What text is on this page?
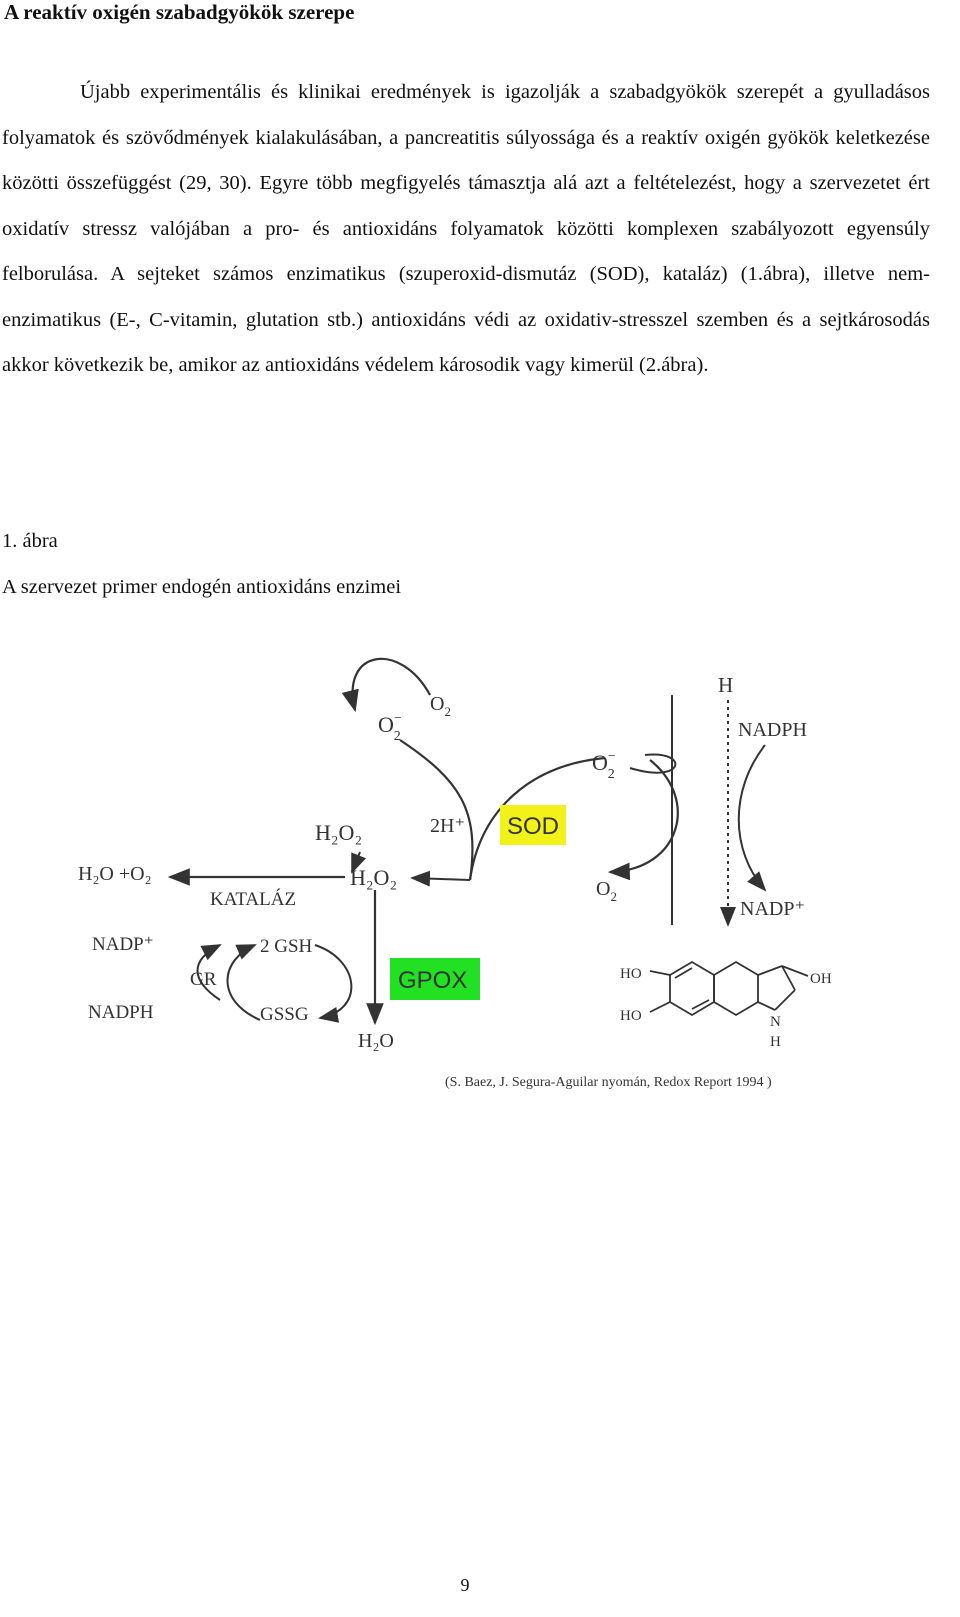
A reaktív oxigén szabadgyökök szerepe

Újabb experimentális és klinikai eredmények is igazolják a szabadgyökök szerepét a gyulladásos folyamatok és szövődmények kialakulásában, a pancreatitis súlyossága és a reaktív oxigén gyökök keletkezése közötti összefüggést (29, 30). Egyre több megfigyelés támasztja alá azt a feltételezést, hogy a szervezetet ért oxidatív stressz valójában a pro- és antioxidáns folyamatok közötti komplexen szabályozott egyensúly felborulása. A sejteket számos enzimatikus (szuperoxid-dismutáz (SOD), kataláz) (1.ábra), illetve nem-enzimatikus (E-, C-vitamin, glutation stb.) antioxidáns védi az oxidativ-stresszel szemben és a sejtkárosodás akkor következik be, amikor az antioxidáns védelem károsodik vagy kimerül (2.ábra).

1. ábra
A szervezet primer endogén antioxidáns enzimei
$O_2$
O− 2
O− 2
$O_2$
SOD
2H⁺
H₂O₂
H₂O₂
H₂O +O₂
KATALÁZ
NADP⁺
NADPH
GR
2 GSH
GSSG
GPOX
H₂O
H
NADPH
NADP⁺
HO
HO
OH
N
H
(S. Baez, J. Segura-Aguilar nyomán, Redox Report 1994 )
9
